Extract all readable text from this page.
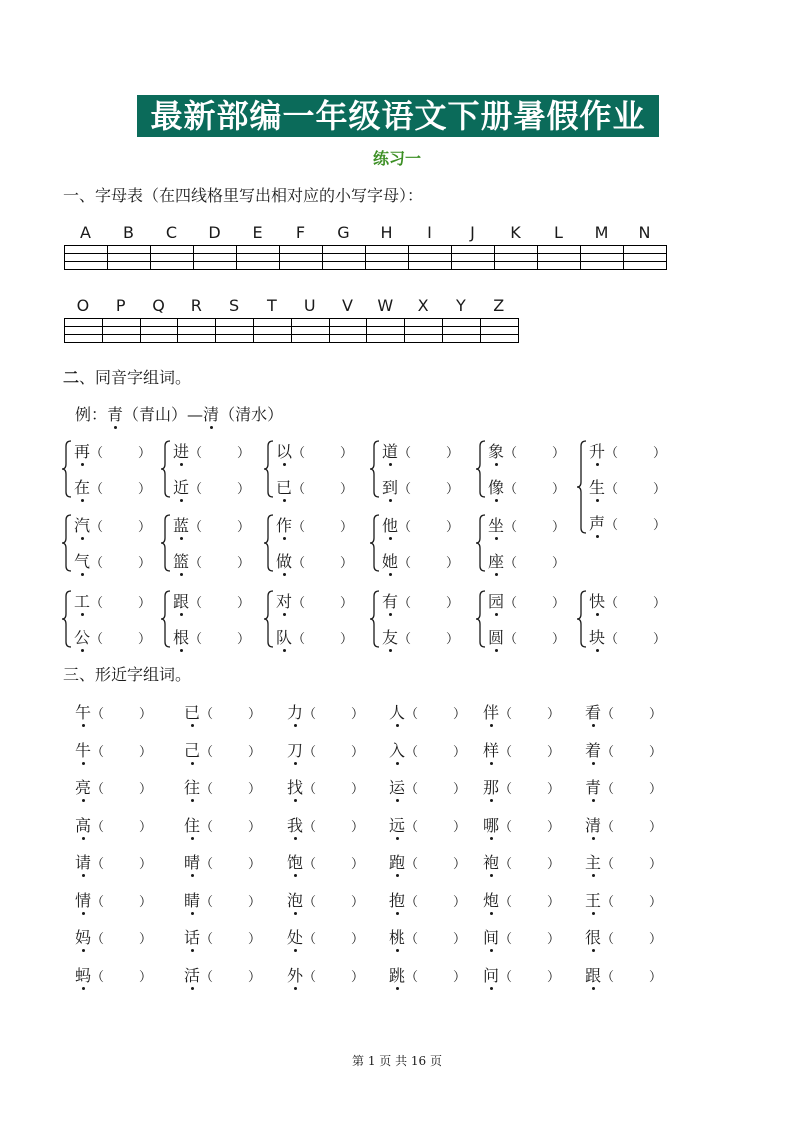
最新部编一年级语文下册暑假作业
练习一
一、字母表（在四线格里写出相对应的小写字母）：
A	B	C	D	E	F	G	H	I	J	K	L	M	N

O	P	Q	R	S	T	U	V	W	X	Y	Z

二、同音字组词。
例：青（青山）—清（清水）
再（	）
在（	）
进（	）
近（	）
以（	）
已（	）
道（	）
到（	）
象（	）
像（	）
升（	）
生（	）
声（	）
汽（	）
气（	）
蓝（	）
篮（	）
作（	）
做（	）
他（	）
她（	）
坐（	）
座（	）
工（	）
公（	）
跟（	）
根（	）
对（	）
队（	）
有（	）
友（	）
园（	）
圆（	）
快（	）
块（	）
三、形近字组词。
午（	） 已（	） 力（	） 人（	） 伴（	） 看（	）
牛（	） 己（	） 刀（	） 入（	） 样（	） 着（	）
亮（	） 往（	） 找（	） 运（	） 那（	） 青（	）
高（	） 住（	） 我（	） 远（	） 哪（	） 清（	）
请（	） 晴（	） 饱（	） 跑（	） 袍（	） 主（	）
情（	） 睛（	） 泡（	） 抱（	） 炮（	） 王（	）
妈（	） 话（	） 处（	） 桃（	） 间（	） 很（	）
蚂（	） 活（	） 外（	） 跳（	） 问（	） 跟（	）
第 1 页 共 16 页
